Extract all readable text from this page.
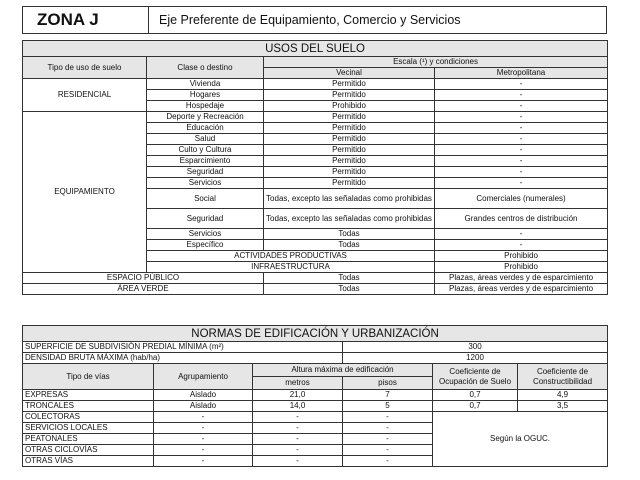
ZONA J	Eje Preferente de Equipamiento, Comercio y Servicios
USOS DEL SUELO				
Tipo de uso de suelo	Clase o destino	Escala (¹) y condiciones		
		Vecinal	Metropolitana	
RESIDENCIAL	Vivienda	Permitido	-	
	Hogares	Permitido	-	
	Hospedaje	Prohibido	-	
EQUIPAMIENTO	Deporte y Recreación	Permitido	-	
	Educación	Permitido	-	
	Salud	Permitido	-	
	Culto y Cultura	Permitido	-	
	Esparcimiento	Permitido	-	
	Seguridad	Permitido	-	
	Servicios	Permitido	-	
	Social	Todas, excepto las señaladas como prohibidas	Comerciales (numerales)	
	Seguridad	Todas, excepto las señaladas como prohibidas	Grandes centros de distribución	
	Servicios	Todas	-	
	Específico	Todas	-	
	ACTIVIDADES PRODUCTIVAS		Prohibido	
	INFRAESTRUCTURA		Prohibido	
ESPACIO PÚBLICO		Todas	Plazas, áreas verdes y de esparcimiento	
ÁREA VERDE		Todas	Plazas, áreas verdes y de esparcimiento	
NORMAS DE EDIFICACIÓN Y URBANIZACIÓN					
SUPERFICIE DE SUBDIVISIÓN PREDIAL MÍNIMA (m²)			300		
DENSIDAD BRUTA MÁXIMA (hab/ha)			1200		
Tipo de vías	Agrupamiento	Altura máxima de edificación		Coeficiente de Ocupación de Suelo	Coeficiente de Constructibilidad
		metros	pisos		
EXPRESAS	Aislado	21,0	7	0,7	4,9
TRONCALES	Aislado	14,0	5	0,7	3,5
COLECTORAS	-	-	-	Según la OGUC.	
SERVICIOS LOCALES	-	-	-		
PEATONALES	-	-	-		
OTRAS CICLOVÍAS	-	-	-		
OTRAS VÍAS	-	-	-		
